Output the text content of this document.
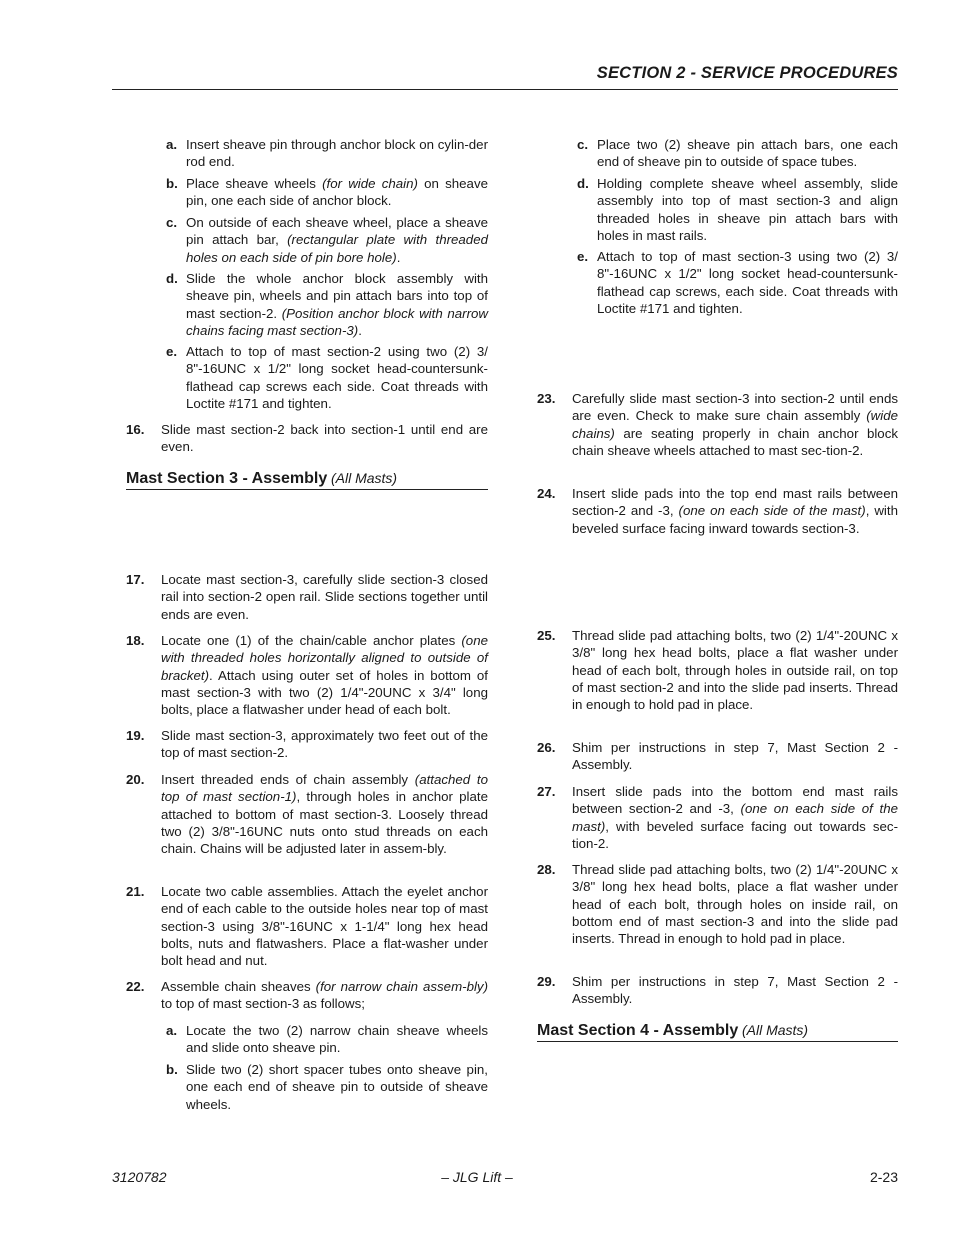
SECTION 2 - SERVICE PROCEDURES
a. Insert sheave pin through anchor block on cylin-der rod end.
b. Place sheave wheels (for wide chain) on sheave pin, one each side of anchor block.
c. On outside of each sheave wheel, place a sheave pin attach bar, (rectangular plate with threaded holes on each side of pin bore hole).
d. Slide the whole anchor block assembly with sheave pin, wheels and pin attach bars into top of mast section-2. (Position anchor block with narrow chains facing mast section-3).
e. Attach to top of mast section-2 using two (2) 3/ 8"-16UNC x 1/2" long socket head-countersunk-flathead cap screws each side. Coat threads with Loctite #171 and tighten.
16.	Slide mast section-2 back into section-1 until end are even.
Mast Section 3 - Assembly (All Masts)
17.	Locate mast section-3, carefully slide section-3 closed rail into section-2 open rail. Slide sections together until ends are even.
18.	Locate one (1) of the chain/cable anchor plates (one with threaded holes horizontally aligned to outside of bracket). Attach using outer set of holes in bottom of mast section-3 with two (2) 1/4"-20UNC x 3/4" long bolts, place a flatwasher under head of each bolt.
19.	Slide mast section-3, approximately two feet out of the top of mast section-2.
20.	Insert threaded ends of chain assembly (attached to top of mast section-1), through holes in anchor plate attached to bottom of mast section-3. Loosely thread two (2) 3/8"-16UNC nuts onto stud threads on each chain. Chains will be adjusted later in assem-bly.
21.	Locate two cable assemblies. Attach the eyelet anchor end of each cable to the outside holes near top of mast section-3 using 3/8"-16UNC x 1-1/4" long hex head bolts, nuts and flatwashers. Place a flat-washer under bolt head and nut.
22.	Assemble chain sheaves (for narrow chain assem-bly) to top of mast section-3 as follows;
a. Locate the two (2) narrow chain sheave wheels and slide onto sheave pin.
b. Slide two (2) short spacer tubes onto sheave pin, one each end of sheave pin to outside of sheave wheels.
c. Place two (2) sheave pin attach bars, one each end of sheave pin to outside of space tubes.
d. Holding complete sheave wheel assembly, slide assembly into top of mast section-3 and align threaded holes in sheave pin attach bars with holes in mast rails.
e. Attach to top of mast section-3 using two (2) 3/ 8"-16UNC x 1/2" long socket head-countersunk-flathead cap screws, each side. Coat threads with Loctite #171 and tighten.
23.	Carefully slide mast section-3 into section-2 until ends are even. Check to make sure chain assembly (wide chains) are seating properly in chain anchor block chain sheave wheels attached to mast sec-tion-2.
24.	Insert slide pads into the top end mast rails between section-2 and -3, (one on each side of the mast), with beveled surface facing inward towards section-3.
25.	Thread slide pad attaching bolts, two (2) 1/4"-20UNC x 3/8" long hex head bolts, place a flat washer under head of each bolt, through holes in outside rail, on top of mast section-2 and into the slide pad inserts. Thread in enough to hold pad in place.
26.	Shim per instructions in step 7, Mast Section 2 - Assembly.
27.	Insert slide pads into the bottom end mast rails between section-2 and -3, (one on each side of the mast), with beveled surface facing out towards sec-tion-2.
28.	Thread slide pad attaching bolts, two (2) 1/4"-20UNC x 3/8" long hex head bolts, place a flat washer under head of each bolt, through holes on inside rail, on bottom end of mast section-3 and into the slide pad inserts. Thread in enough to hold pad in place.
29.	Shim per instructions in step 7, Mast Section 2 - Assembly.
Mast Section 4 - Assembly (All Masts)
3120782	– JLG Lift –	2-23
